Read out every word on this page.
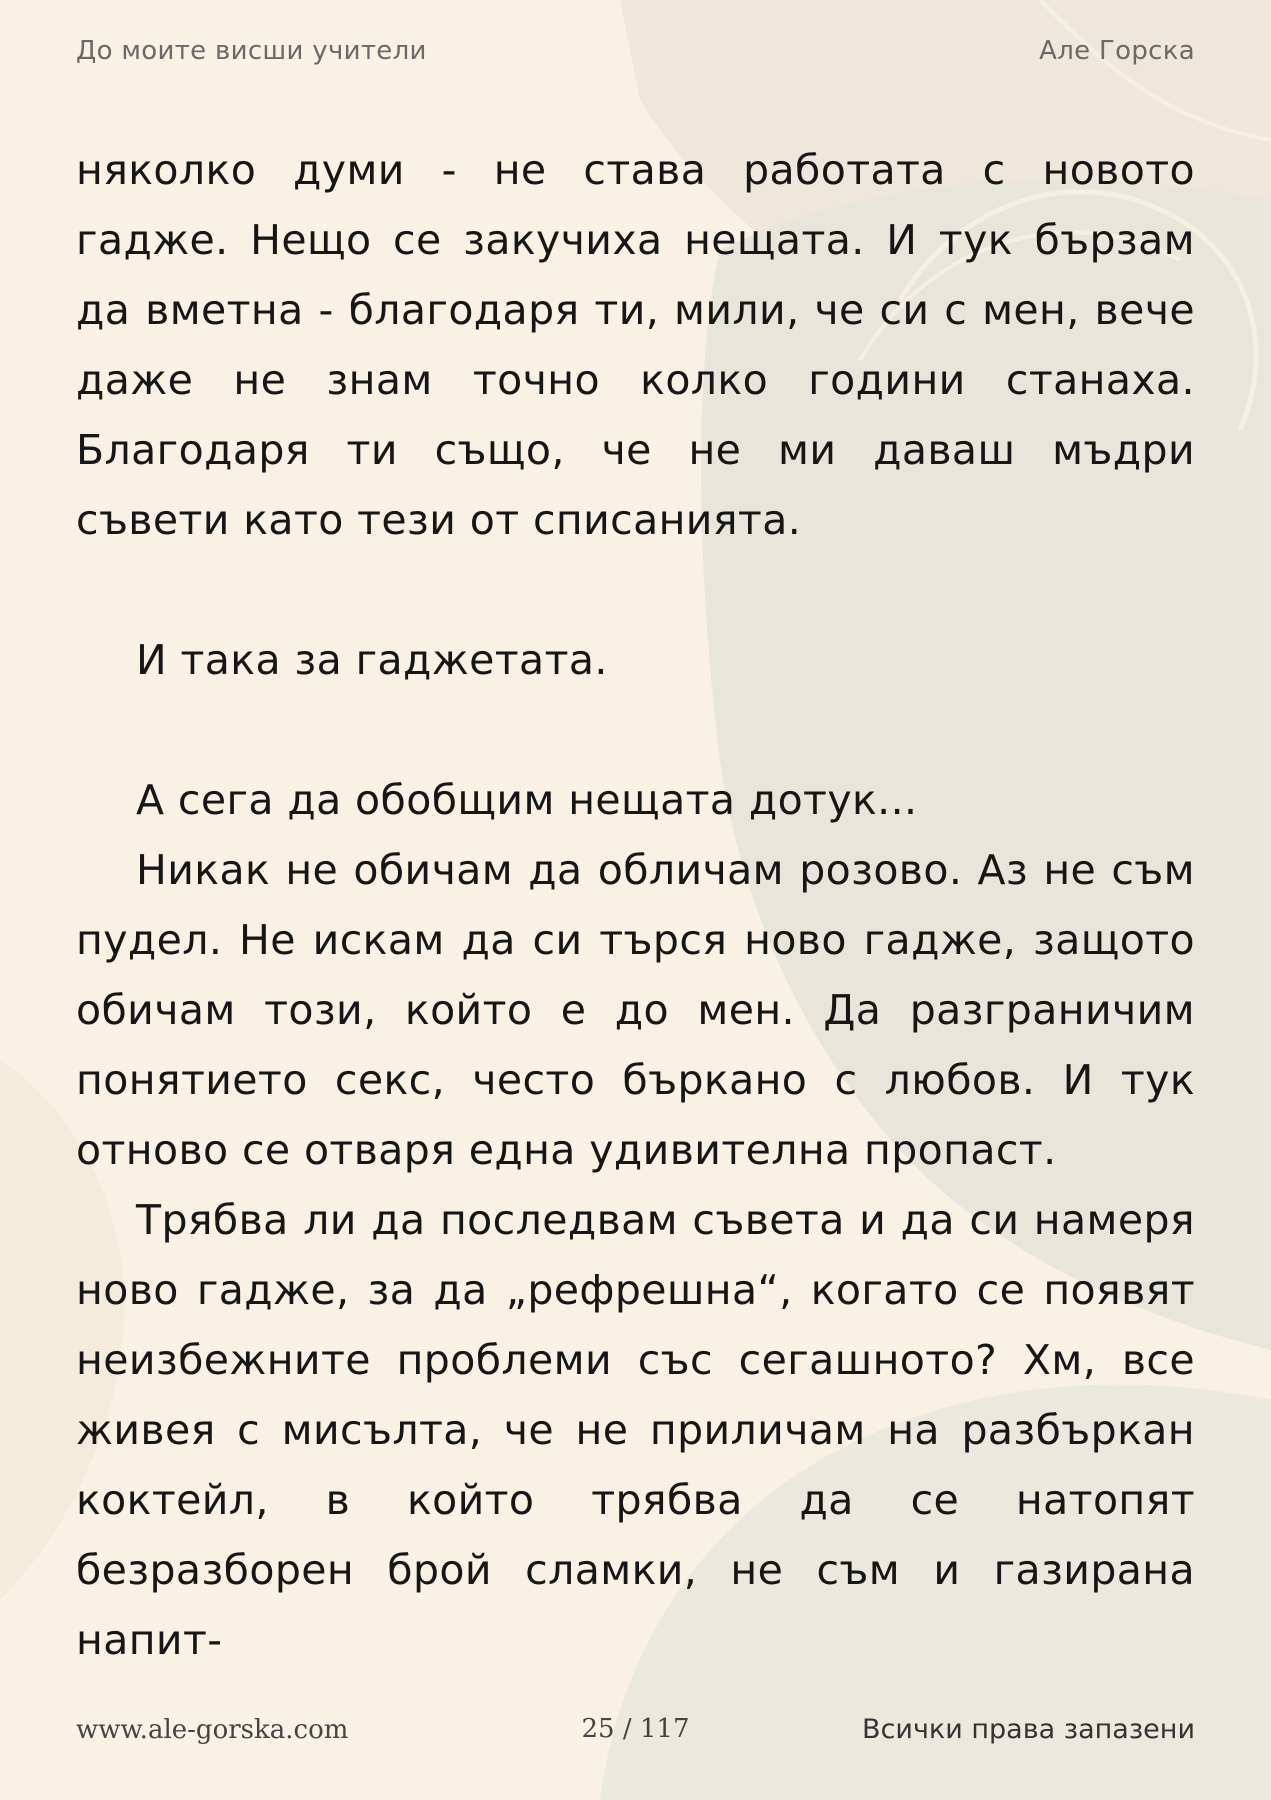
До моите висши учители	Але Горска

няколко думи - не става работата с новото гадже. Нещо се закучиха нещата. И тук бързам да вметна - благодаря ти, мили, че си с мен, вече даже не знам точно колко години станаха. Благодаря ти също, че не ми даваш мъдри съвети като тези от списанията.

И така за гаджетата.

А сега да обобщим нещата дотук...

Никак не обичам да обличам розово. Аз не съм пудел. Не искам да си търся ново гадже, защото обичам този, който е до мен. Да разграничим понятието секс, често бъркано с любов. И тук отново се отваря една удивителна пропаст.

Трябва ли да последвам съвета и да си намеря ново гадже, за да „рефрешна“, когато се появят неизбежните проблеми със сегашното? Хм, все живея с мисълта, че не приличам на разбъркан коктейл, в който трябва да се натопят безразборен брой сламки, не съм и газирана напит-

www.ale-gorska.com	25 / 117	Всички права запазени
